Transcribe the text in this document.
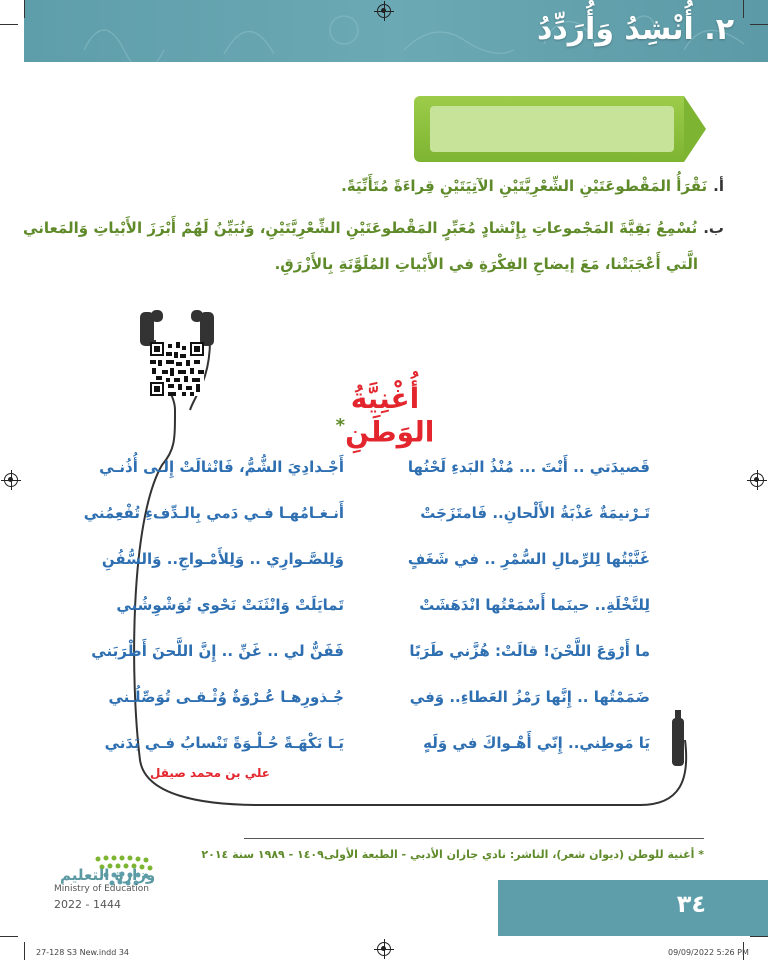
٢. أُنْشِدُ وَأُرَدِّدُ
أ.نَقْرَأُ المَقْطوعَتَيْنِ الشِّعْرِيَّتَيْنِ الآتِيَتَيْنِ قِراءَةً مُتَأَنِّيَةً.
ب.نُسْمِعُ بَقِيَّةَ المَجْموعاتِ بِإِنْشادٍ مُعَبِّرٍ المَقْطوعَتَيْنِ الشِّعْرِيَّتَيْنِ، وَنُبَيِّنُ لَهُمْ أَبْرَزَ الأَبْياتِ وَالمَعاني
الَّتي أَعْجَبَتْنا، مَعَ إيضاحِ الفِكْرَةِ في الأَبْياتِ المُلَوَّنَةِ بِالأَزْرَقِ.
أُغْنِيَّةُ الوَطَنِ*
قَصيدَتي .. أَنْتَ ... مُنْذُ البَدءِ لَحْنُها
أَجْـدادِيَ الشُّمُّ، فَانْثالَتْ إِلـى أُذُنـي
تَـرْنيمَةٌ عَذْبَةُ الأَلْحانِ.. فَامتَزَجَتْ
أَنـغـامُهـا فـي دَمي بِالـدِّفءِ تُفْعِمُني
غَنَّيْتُها لِلرِّمالِ السُّمْرِ .. في شَغَفٍ
وَلِلصَّـوارِي .. وَلِلأَمْـواجِ.. وَالسُّفُنِ
لِلنَّخْلَةِ.. حينَما أَسْمَعْتُها انْدَهَشَتْ
تَمايَلَتْ وَانْثَنَتْ نَحْوي تُوَشْوِشُني
ما أَرْوَعَ اللَّحْنَ! قالَتْ: هُزَّني طَرَبًا
فَفَنٌّ لي .. غَنِّ .. إِنَّ اللَّحنَ أَطْرَبَني
ضَمَمْتُها .. إِنَّها رَمْزُ العَطاءِ.. وَفي
جُـذورِهـا عُـرْوَةٌ وُثْـقـى تُوَصِّلُـني
يَا مَوطِني.. إِنّي أَهْـواكَ في وَلَهٍ
يَـا نَكْهَـةً حُـلْـوَةً تَنْسابُ فـي بَدَني
علي بن محمد صيقل
* أغنية للوطن (ديوان شعر)، الناشر: نادي جازان الأدبي - الطبعة الأولى١٤٠٩ - ١٩٨٩ سنة ٢٠١٤
وزارة التعليم
Ministry of Education
2022 - 1444	٣٤
27-128 S3 New.indd 34	09/09/2022 5:26 PM
